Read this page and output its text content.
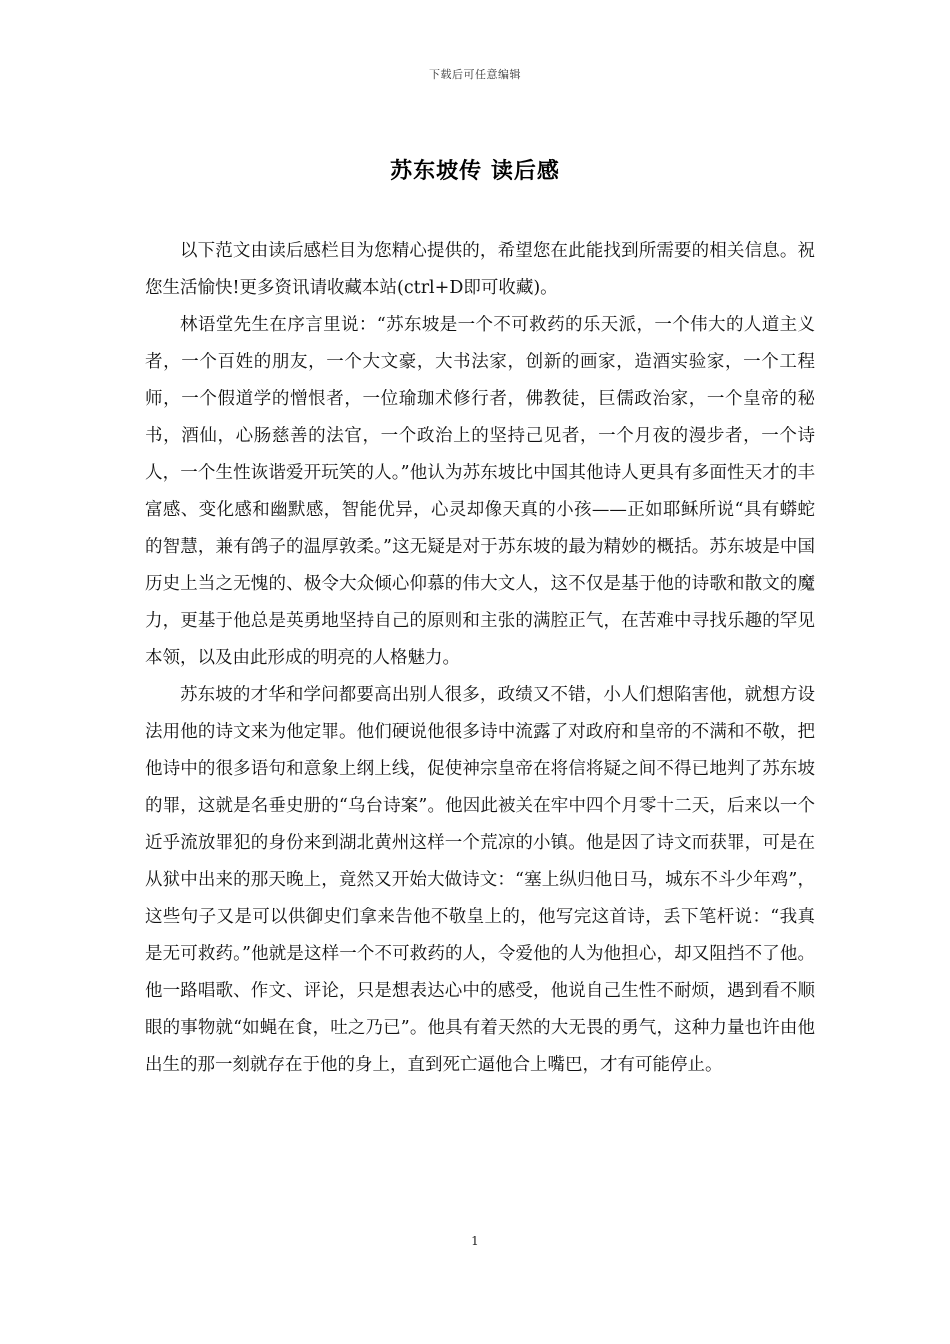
下载后可任意编辑
苏东坡传 读后感

以下范文由读后感栏目为您精心提供的，希望您在此能找到所需要的相关信息。祝您生活愉快!更多资讯请收藏本站(ctrl+D即可收藏)。

林语堂先生在序言里说：“苏东坡是一个不可救药的乐天派，一个伟大的人道主义者，一个百姓的朋友，一个大文豪，大书法家，创新的画家，造酒实验家，一个工程师，一个假道学的憎恨者，一位瑜珈术修行者，佛教徒，巨儒政治家，一个皇帝的秘书，酒仙，心肠慈善的法官，一个政治上的坚持己见者，一个月夜的漫步者，一个诗人，一个生性诙谐爱开玩笑的人。”他认为苏东坡比中国其他诗人更具有多面性天才的丰富感、变化感和幽默感，智能优异，心灵却像天真的小孩——正如耶稣所说“具有蟒蛇的智慧，兼有鸽子的温厚敦柔。”这无疑是对于苏东坡的最为精妙的概括。苏东坡是中国历史上当之无愧的、极令大众倾心仰慕的伟大文人，这不仅是基于他的诗歌和散文的魔力，更基于他总是英勇地坚持自己的原则和主张的满腔正气，在苦难中寻找乐趣的罕见本领，以及由此形成的明亮的人格魅力。

苏东坡的才华和学问都要高出别人很多，政绩又不错，小人们想陷害他，就想方设法用他的诗文来为他定罪。他们硬说他很多诗中流露了对政府和皇帝的不满和不敬，把他诗中的很多语句和意象上纲上线，促使神宗皇帝在将信将疑之间不得已地判了苏东坡的罪，这就是名垂史册的“乌台诗案”。他因此被关在牢中四个月零十二天，后来以一个近乎流放罪犯的身份来到湖北黄州这样一个荒凉的小镇。他是因了诗文而获罪，可是在从狱中出来的那天晚上，竟然又开始大做诗文：“塞上纵归他日马，城东不斗少年鸡”，这些句子又是可以供御史们拿来告他不敬皇上的，他写完这首诗，丢下笔杆说：“我真是无可救药。”他就是这样一个不可救药的人，令爱他的人为他担心，却又阻挡不了他。他一路唱歌、作文、评论，只是想表达心中的感受，他说自己生性不耐烦，遇到看不顺眼的事物就“如蝇在食，吐之乃已”。他具有着天然的大无畏的勇气，这种力量也许由他出生的那一刻就存在于他的身上，直到死亡逼他合上嘴巴，才有可能停止。

1
